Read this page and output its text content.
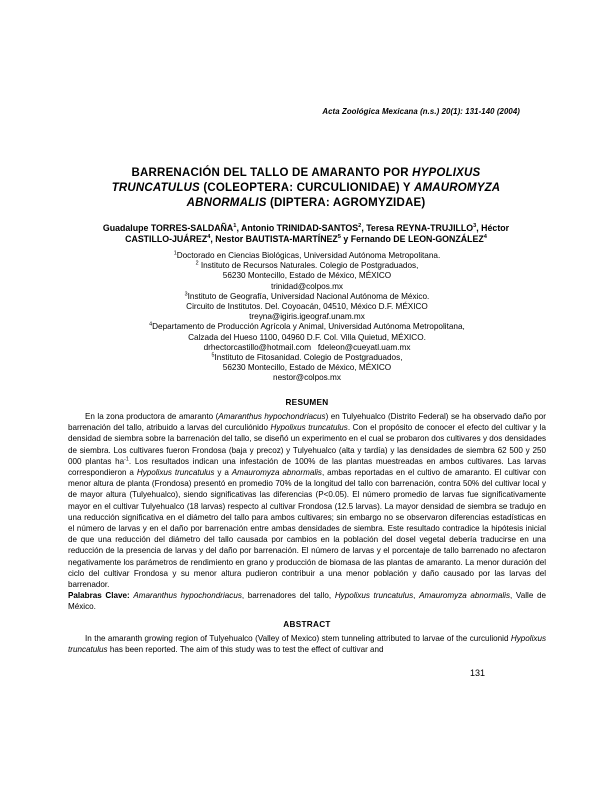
Acta Zoológica Mexicana (n.s.) 20(1): 131-140 (2004)
BARRENACIÓN DEL TALLO DE AMARANTO POR HYPOLIXUS TRUNCATULUS (COLEOPTERA: CURCULIONIDAE) Y AMAUROMYZA ABNORMALIS (DIPTERA: AGROMYZIDAE)
Guadalupe TORRES-SALDAÑA$^1$, Antonio TRINIDAD-SANTOS$^2$, Teresa REYNA-TRUJILLO$^3$, Héctor CASTILLO-JUÁREZ$^4$, Nestor BAUTISTA-MARTÍNEZ$^5$ y Fernando DE LEON-GONZÁLEZ$^4$
$^1$Doctorado en Ciencias Biológicas, Universidad Autónoma Metropolitana.
$^2$ Instituto de Recursos Naturales. Colegio de Postgraduados,
56230 Montecillo, Estado de México, MÉXICO
trinidad@colpos.mx
$^3$Instituto de Geografía, Universidad Nacional Autónoma de México.
Circuito de Institutos. Del. Coyoacán, 04510, México D.F. MÉXICO
treyna@igiris.igeograf.unam.mx
$^4$Departamento de Producción Agrícola y Animal, Universidad Autónoma Metropolitana,
Calzada del Hueso 1100, 04960 D.F. Col. Villa Quietud, MÉXICO.
drhectorcastillo@hotmail.com   fdeleon@cueyatl.uam.mx
$^5$Instituto de Fitosanidad. Colegio de Postgraduados,
56230 Montecillo, Estado de México, MÉXICO
nestor@colpos.mx
RESUMEN

En la zona productora de amaranto (Amaranthus hypochondriacus) en Tulyehualco (Distrito Federal) se ha observado daño por barrenación del tallo, atribuido a larvas del curculiónido Hypolixus truncatulus. Con el propósito de conocer el efecto del cultivar y la densidad de siembra sobre la barrenación del tallo, se diseñó un experimento en el cual se probaron dos cultivares y dos densidades de siembra. Los cultivares fueron Frondosa (baja y precoz) y Tulyehualco (alta y tardía) y las densidades de siembra 62 500 y 250 000 plantas $ha^{-1}$. Los resultados indican una infestación de 100% de las plantas muestreadas en ambos cultivares. Las larvas correspondieron a Hypolixus truncatulus y a Amauromyza abnormalis, ambas reportadas en el cultivo de amaranto. El cultivar con menor altura de planta (Frondosa) presentó en promedio 70% de la longitud del tallo con barrenación, contra 50% del cultivar local y de mayor altura (Tulyehualco), siendo significativas las diferencias (P<0.05). El número promedio de larvas fue significativamente mayor en el cultivar Tulyehualco (18 larvas) respecto al cultivar Frondosa (12.5 larvas). La mayor densidad de siembra se tradujo en una reducción significativa en el diámetro del tallo para ambos cultivares; sin embargo no se observaron diferencias estadísticas en el número de larvas y en el daño por barrenación entre ambas densidades de siembra. Este resultado contradice la hipótesis inicial de que una reducción del diámetro del tallo causada por cambios en la población del dosel vegetal debería traducirse en una reducción de la presencia de larvas y del daño por barrenación. El número de larvas y el porcentaje de tallo barrenado no afectaron negativamente los parámetros de rendimiento en grano y producción de biomasa de las plantas de amaranto. La menor duración del ciclo del cultivar Frondosa y su menor altura pudieron contribuir a una menor población y daño causado por las larvas del barrenador.

Palabras Clave: Amaranthus hypochondriacus, barrenadores del tallo, Hypolixus truncatulus, Amauromyza abnormalis, Valle de México.

ABSTRACT

In the amaranth growing region of Tulyehualco (Valley of Mexico) stem tunneling attributed to larvae of the curculionid Hypolixus truncatulus has been reported. The aim of this study was to test the effect of cultivar and

131
